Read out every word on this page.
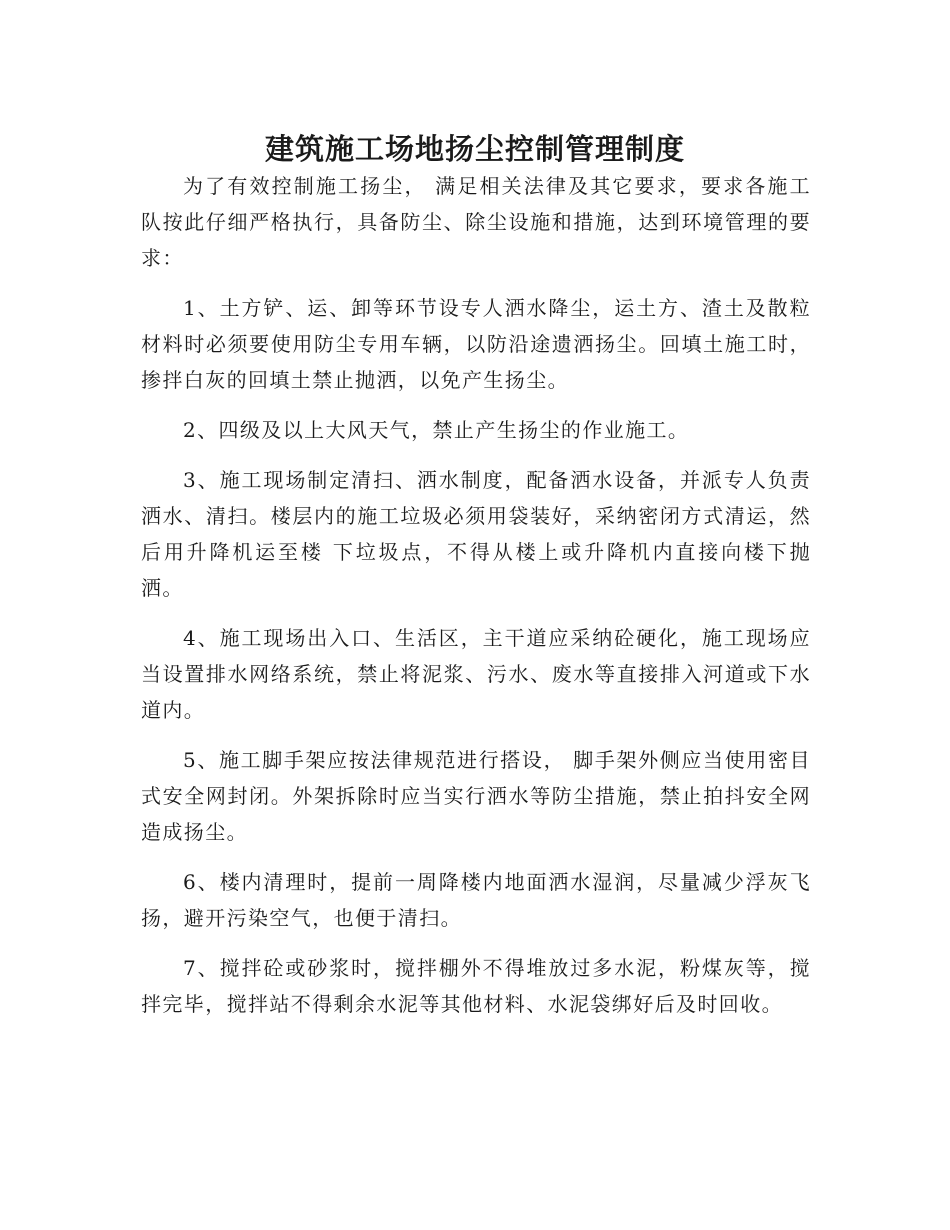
建筑施工场地扬尘控制管理制度

为了有效控制施工扬尘， 满足相关法律及其它要求，要求各施工队按此仔细严格执行，具备防尘、除尘设施和措施，达到环境管理的要求：

1、土方铲、运、卸等环节设专人洒水降尘，运土方、渣土及散粒材料时必须要使用防尘专用车辆，以防沿途遗洒扬尘。回填土施工时，掺拌白灰的回填土禁止抛洒，以免产生扬尘。

2、四级及以上大风天气，禁止产生扬尘的作业施工。

3、施工现场制定清扫、洒水制度，配备洒水设备，并派专人负责洒水、清扫。楼层内的施工垃圾必须用袋装好，采纳密闭方式清运，然后用升降机运至楼 下垃圾点，不得从楼上或升降机内直接向楼下抛洒。

4、施工现场出入口、生活区，主干道应采纳砼硬化，施工现场应当设置排水网络系统，禁止将泥浆、污水、废水等直接排入河道或下水道内。

5、施工脚手架应按法律规范进行搭设， 脚手架外侧应当使用密目式安全网封闭。外架拆除时应当实行洒水等防尘措施，禁止拍抖安全网造成扬尘。

6、楼内清理时，提前一周降楼内地面洒水湿润，尽量减少浮灰飞扬，避开污染空气，也便于清扫。

7、搅拌砼或砂浆时，搅拌棚外不得堆放过多水泥，粉煤灰等，搅拌完毕，搅拌站不得剩余水泥等其他材料、水泥袋绑好后及时回收。
